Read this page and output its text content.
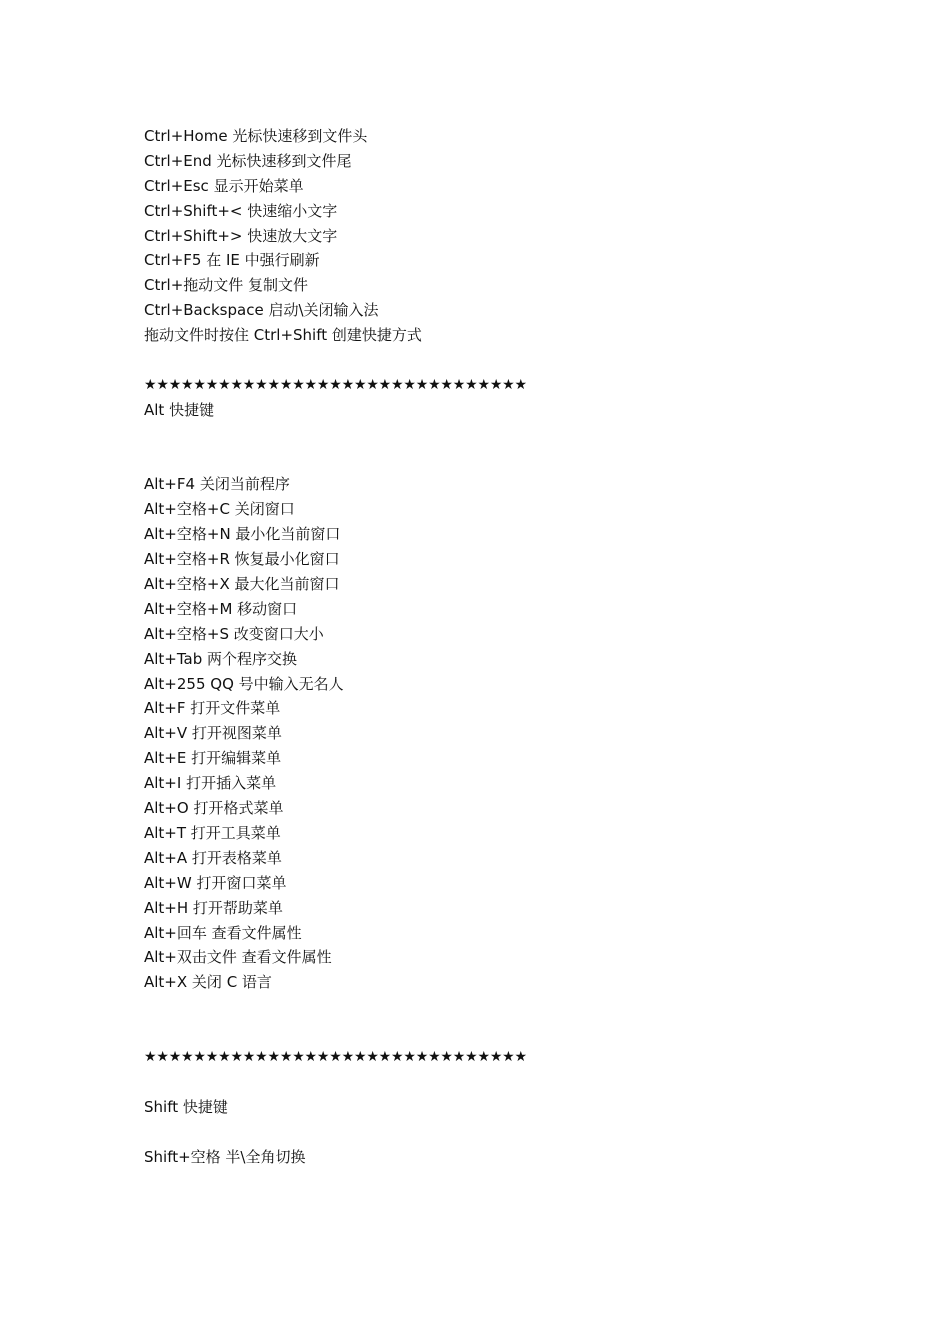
Ctrl+Home 光标快速移到文件头
Ctrl+End 光标快速移到文件尾
Ctrl+Esc 显示开始菜单
Ctrl+Shift+< 快速缩小文字
Ctrl+Shift+> 快速放大文字
Ctrl+F5 在 IE 中强行刷新
Ctrl+拖动文件 复制文件
Ctrl+Backspace 启动\关闭输入法
拖动文件时按住 Ctrl+Shift 创建快捷方式
★★★★★★★★★★★★★★★★★★★★★★★★★★★★★★★
Alt 快捷键
Alt+F4 关闭当前程序
Alt+空格+C 关闭窗口
Alt+空格+N 最小化当前窗口
Alt+空格+R 恢复最小化窗口
Alt+空格+X 最大化当前窗口
Alt+空格+M 移动窗口
Alt+空格+S 改变窗口大小
Alt+Tab 两个程序交换
Alt+255 QQ 号中输入无名人
Alt+F 打开文件菜单
Alt+V 打开视图菜单
Alt+E 打开编辑菜单
Alt+I 打开插入菜单
Alt+O 打开格式菜单
Alt+T 打开工具菜单
Alt+A 打开表格菜单
Alt+W 打开窗口菜单
Alt+H 打开帮助菜单
Alt+回车 查看文件属性
Alt+双击文件 查看文件属性
Alt+X 关闭 C 语言
★★★★★★★★★★★★★★★★★★★★★★★★★★★★★★★
Shift 快捷键
Shift+空格 半\全角切换
